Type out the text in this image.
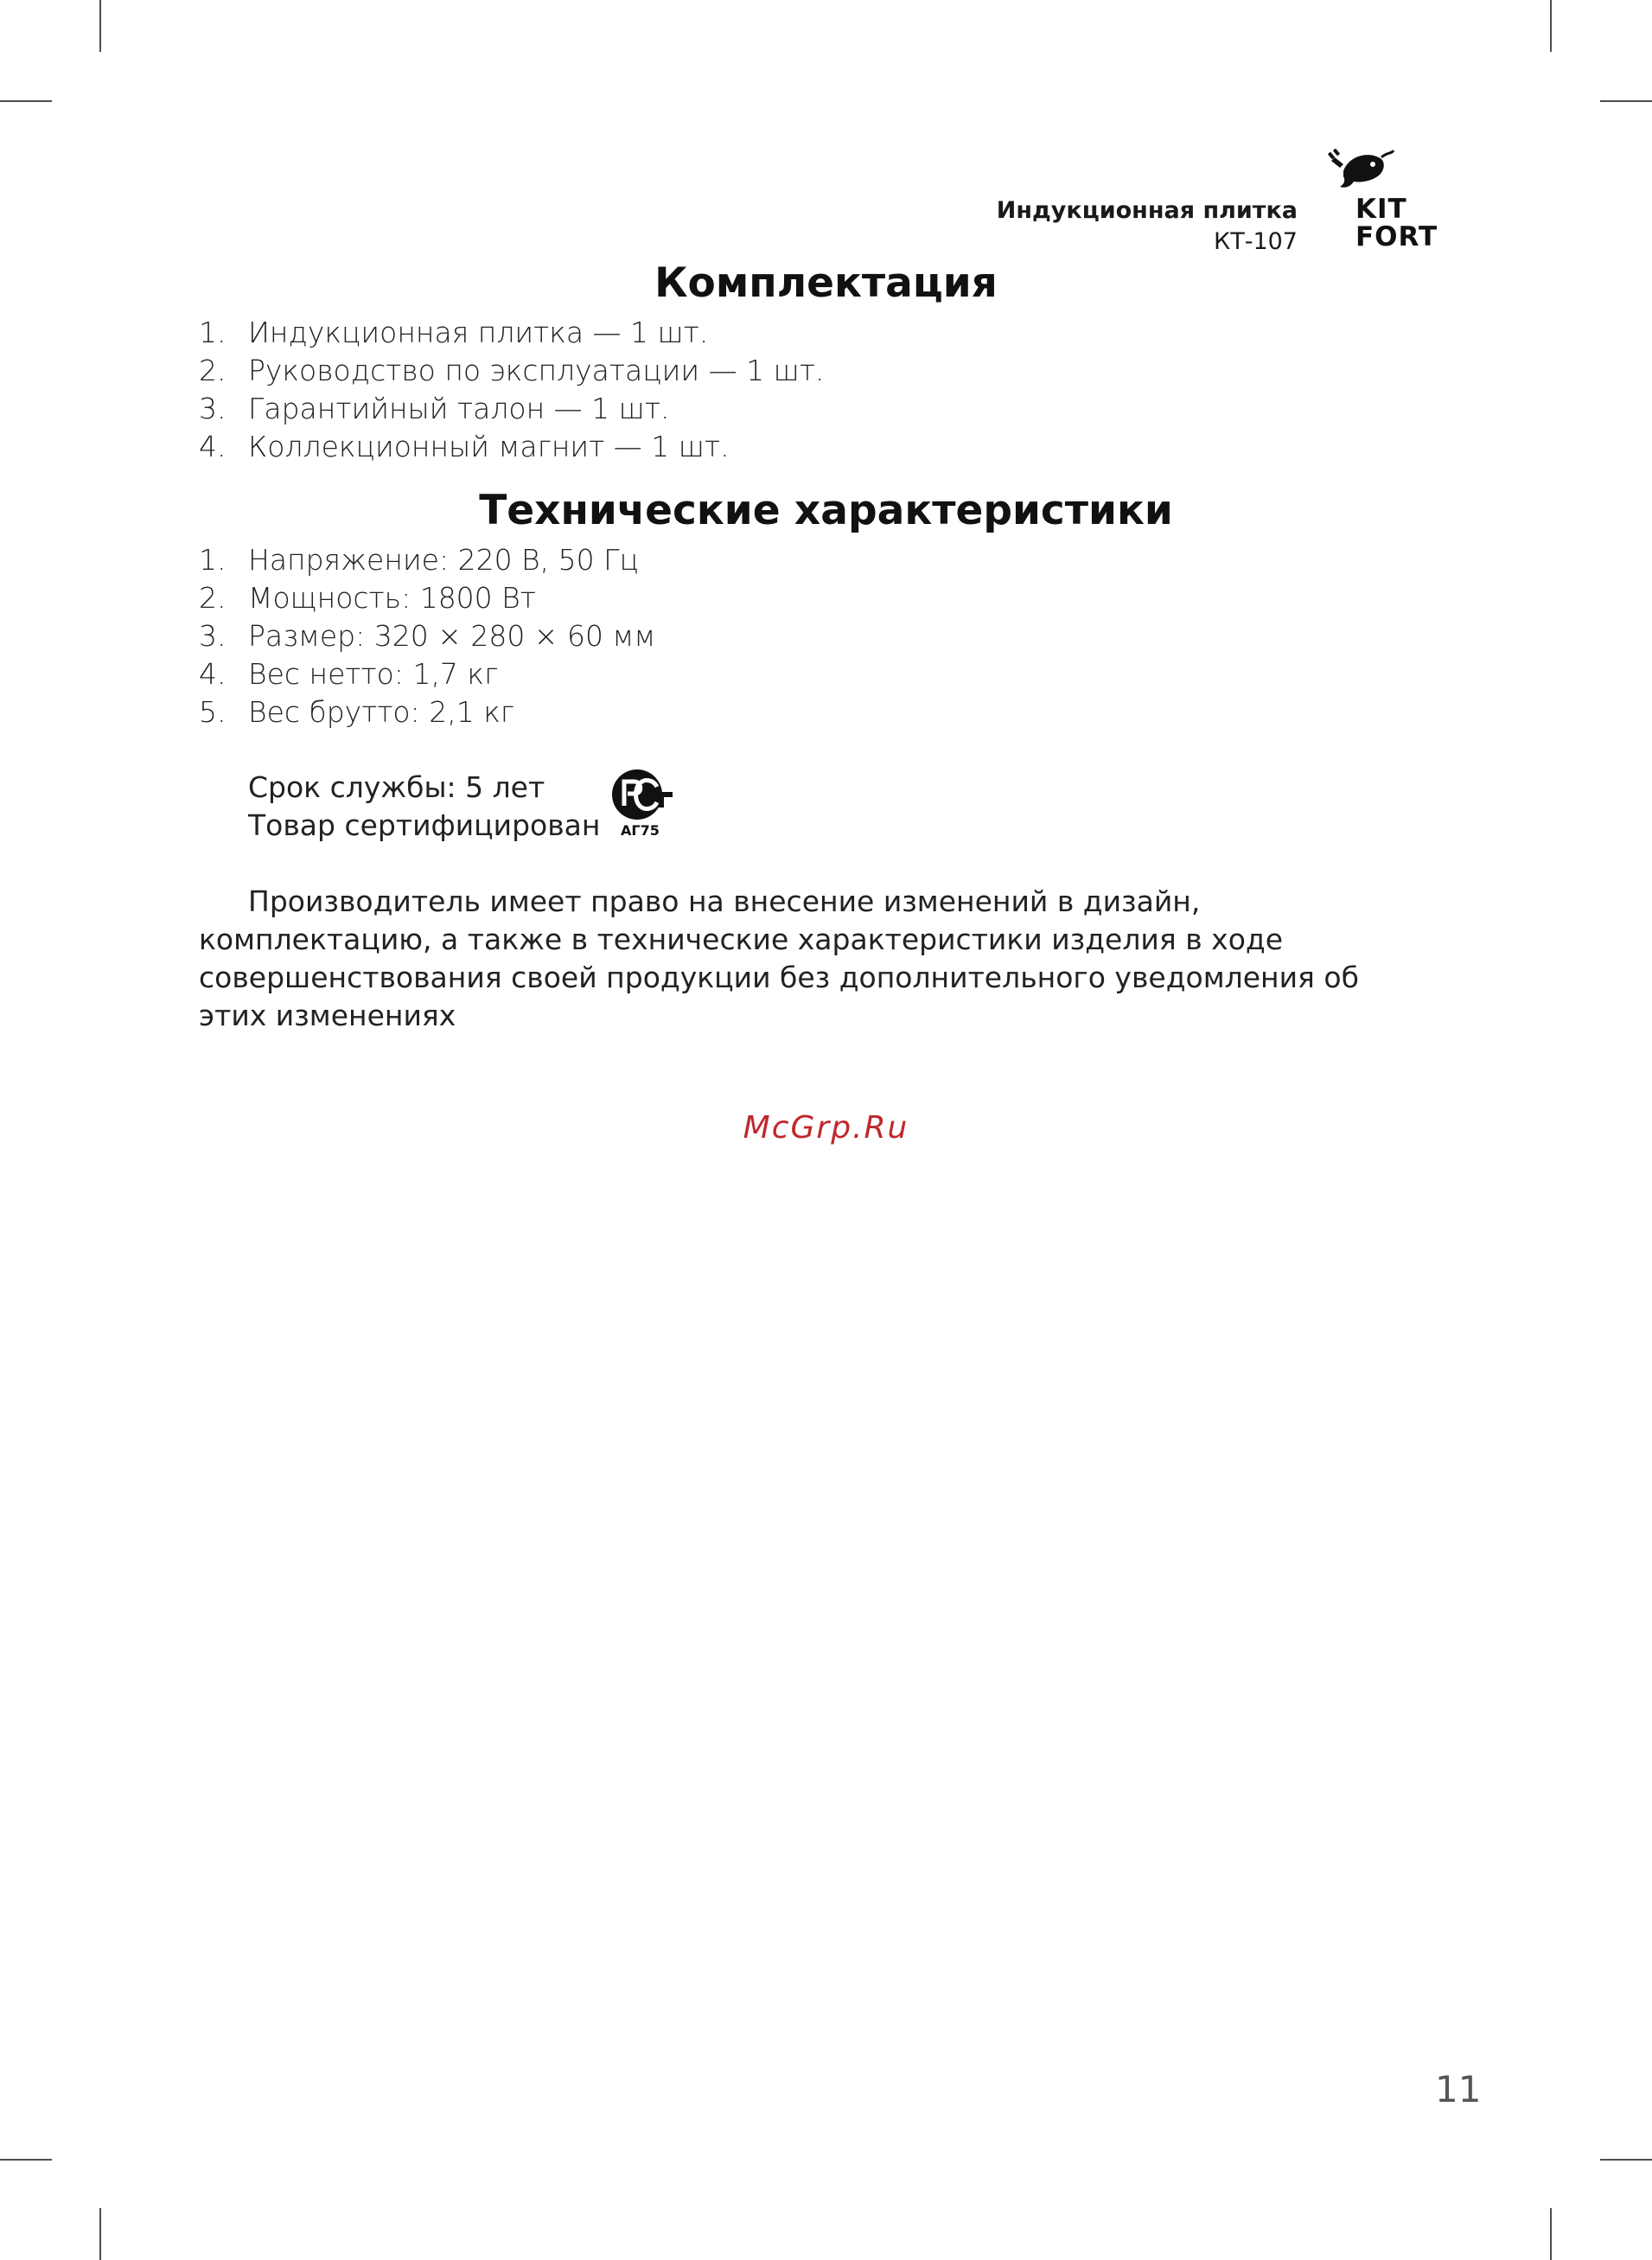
Индукционная плитка
КТ-107
KIT
FORT
Комплектация
1. Индукционная плитка — 1 шт.
2. Руководство по эксплуатации — 1 шт.
3. Гарантийный талон — 1 шт.
4. Коллекционный магнит — 1 шт.
Технические характеристики
1. Напряжение: 220 В, 50 Гц
2. Мощность: 1800 Вт
3. Размер: 320 × 280 × 60 мм
4. Вес нетто: 1,7 кг
5. Вес брутто: 2,1 кг
Срок службы: 5 лет
Товар сертифицирован АГ75
Производитель имеет право на внесение изменений в дизайн, комплектацию, а также в технические характеристики изделия в ходе совершенствования своей продукции без дополнительного уведомления об этих изменениях
McGrp.Ru
11
